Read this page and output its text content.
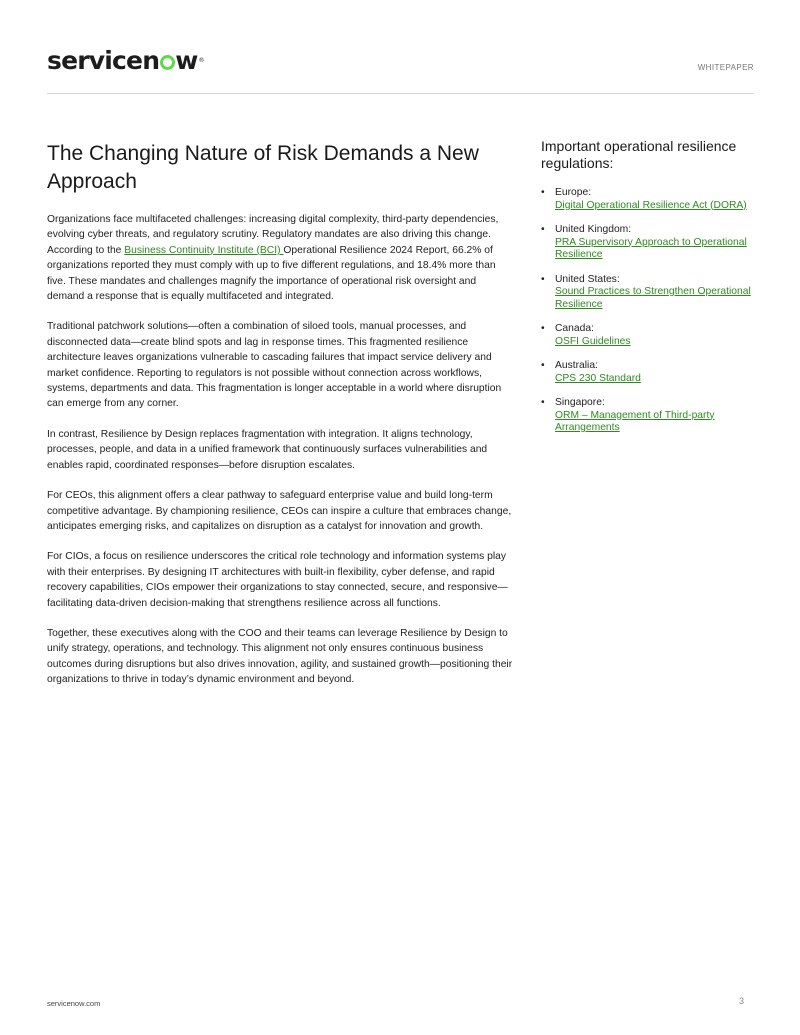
servicen w®
WHITEPAPER
The Changing Nature of Risk Demands a New Approach

Organizations face multifaceted challenges: increasing digital complexity, third-party dependencies, evolving cyber threats, and regulatory scrutiny. Regulatory mandates are also driving this change. According to the Business Continuity Institute (BCI) Operational Resilience 2024 Report, 66.2% of organizations reported they must comply with up to five different regulations, and 18.4% more than five. These mandates and challenges magnify the importance of operational risk oversight and demand a response that is equally multifaceted and integrated.

Traditional patchwork solutions—often a combination of siloed tools, manual processes, and disconnected data—create blind spots and lag in response times. This fragmented resilience architecture leaves organizations vulnerable to cascading failures that impact service delivery and market confidence. Reporting to regulators is not possible without connection across workflows, systems, departments and data. This fragmentation is longer acceptable in a world where disruption can emerge from any corner.

In contrast, Resilience by Design replaces fragmentation with integration. It aligns technology, processes, people, and data in a unified framework that continuously surfaces vulnerabilities and enables rapid, coordinated responses—before disruption escalates.

For CEOs, this alignment offers a clear pathway to safeguard enterprise value and build long-term competitive advantage. By championing resilience, CEOs can inspire a culture that embraces change, anticipates emerging risks, and capitalizes on disruption as a catalyst for innovation and growth.

For CIOs, a focus on resilience underscores the critical role technology and information systems play with their enterprises. By designing IT architectures with built-in flexibility, cyber defense, and rapid recovery capabilities, CIOs empower their organizations to stay connected, secure, and responsive—facilitating data-driven decision-making that strengthens resilience across all functions.

Together, these executives along with the COO and their teams can leverage Resilience by Design to unify strategy, operations, and technology. This alignment not only ensures continuous business outcomes during disruptions but also drives innovation, agility, and sustained growth—positioning their organizations to thrive in today’s dynamic environment and beyond.

Important operational resilience regulations:
• Europe:
Digital Operational Resilience Act (DORA)
• United Kingdom:
PRA Supervisory Approach to Operational Resilience
• United States:
Sound Practices to Strengthen Operational Resilience
• Canada:
OSFI Guidelines
• Australia:
CPS 230 Standard
• Singapore:
ORM – Management of Third-party Arrangements
servicenow.com	3
